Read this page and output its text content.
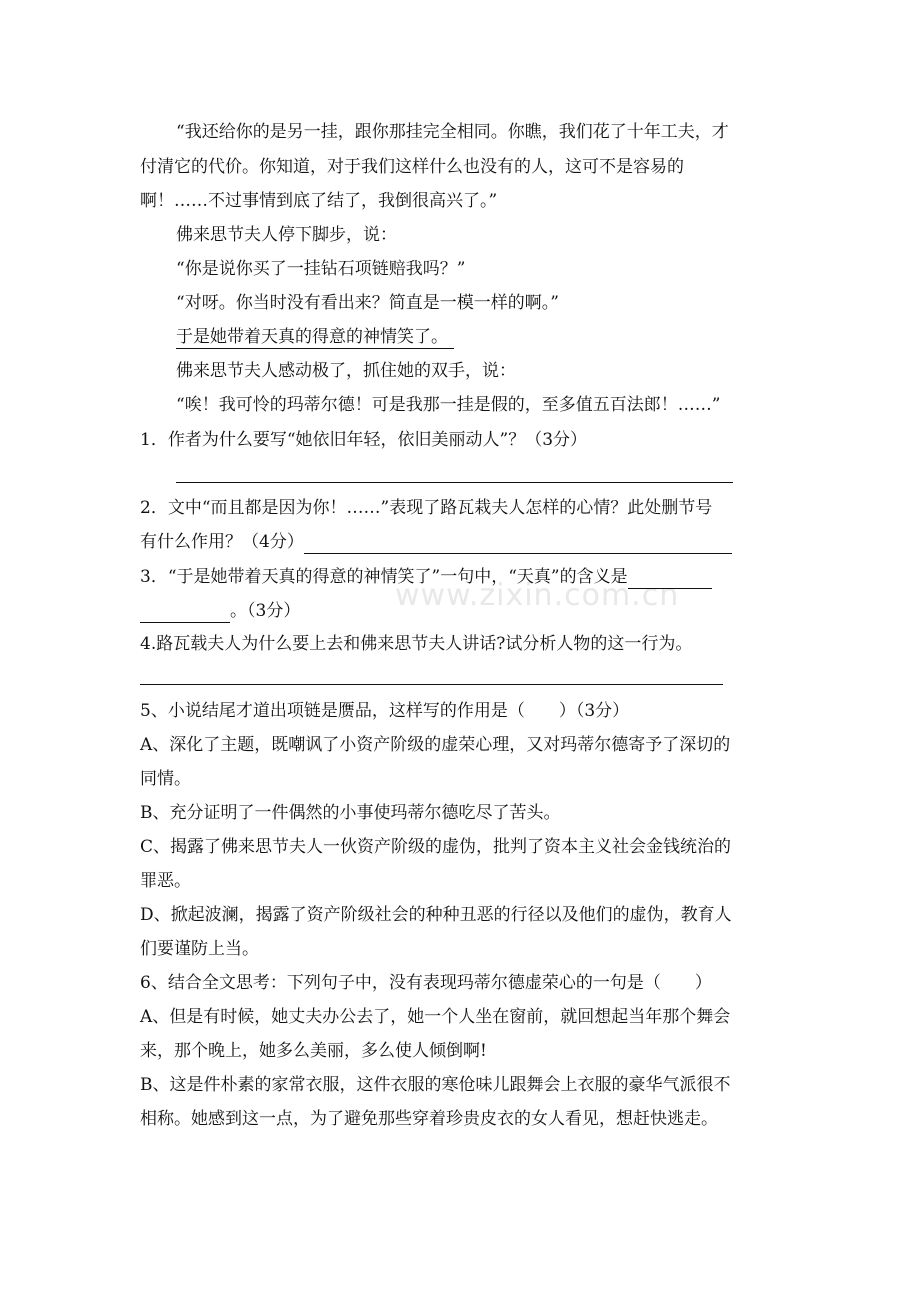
www.zixin.com.cn
“我还给你的是另一挂，跟你那挂完全相同。你瞧，我们花了十年工夫，才
付清它的代价。你知道，对于我们这样什么也没有的人，这可不是容易的
啊！……不过事情到底了结了，我倒很高兴了。”
佛来思节夫人停下脚步，说：
“你是说你买了一挂钻石项链赔我吗？”
“对呀。你当时没有看出来？简直是一模一样的啊。”
于是她带着天真的得意的神情笑了。
佛来思节夫人感动极了，抓住她的双手，说：
“唉！我可怜的玛蒂尔德！可是我那一挂是假的，至多值五百法郎！……”
1．作者为什么要写“她依旧年轻，依旧美丽动人”？（3分）
2．文中“而且都是因为你！……”表现了路瓦栽夫人怎样的心情？此处删节号
有什么作用？（4分）
3．“于是她带着天真的得意的神情笑了”一句中，“天真”的含义是
。（3分）
4.路瓦载夫人为什么要上去和佛来思节夫人讲话?试分析人物的这一行为。
5、小说结尾才道出项链是赝品，这样写的作用是（　　）（3分）
A、深化了主题，既嘲讽了小资产阶级的虚荣心理，又对玛蒂尔德寄予了深切的
同情。
B、充分证明了一件偶然的小事使玛蒂尔德吃尽了苦头。
C、揭露了佛来思节夫人一伙资产阶级的虚伪，批判了资本主义社会金钱统治的
罪恶。
D、掀起波澜，揭露了资产阶级社会的种种丑恶的行径以及他们的虚伪，教育人
们要谨防上当。
6、结合全文思考：下列句子中，没有表现玛蒂尔德虚荣心的一句是（　　）
A、但是有时候，她丈夫办公去了，她一个人坐在窗前，就回想起当年那个舞会
来，那个晚上，她多么美丽，多么使人倾倒啊!
B、这是件朴素的家常衣服，这件衣服的寒伧味儿跟舞会上衣服的豪华气派很不
相称。她感到这一点，为了避免那些穿着珍贵皮衣的女人看见，想赶快逃走。
